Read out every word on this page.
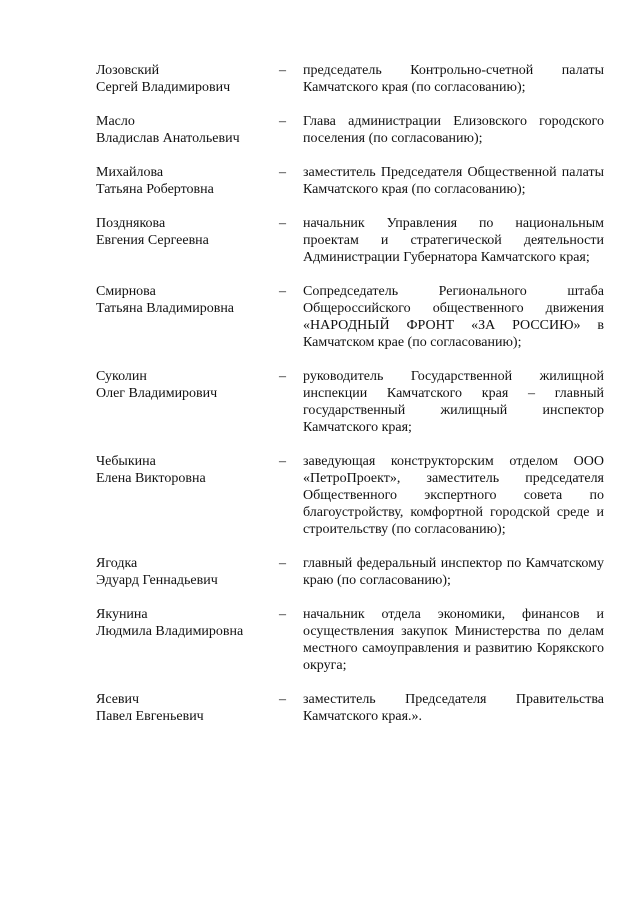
Лозовский
Сергей Владимирович
–	председатель Контрольно-счетной палаты Камчатского края (по согласованию);
Масло
Владислав Анатольевич
–	Глава администрации Елизовского городского поселения (по согласованию);
Михайлова
Татьяна Робертовна
–	заместитель Председателя Общественной палаты Камчатского края (по согласованию);
Позднякова
Евгения Сергеевна
–	начальник Управления по национальным проектам и стратегической деятельности Администрации Губернатора Камчатского края;
Смирнова
Татьяна Владимировна
–	Сопредседатель Регионального штаба Общероссийского общественного движения «НАРОДНЫЙ ФРОНТ «ЗА РОССИЮ» в Камчатском крае (по согласованию);
Суколин
Олег Владимирович
–	руководитель Государственной жилищной инспекции Камчатского края – главный государственный жилищный инспектор Камчатского края;
Чебыкина
Елена Викторовна
–	заведующая конструкторским отделом ООО «ПетроПроект», заместитель председателя Общественного экспертного совета по благоустройству, комфортной городской среде и строительству (по согласованию);
Ягодка
Эдуард Геннадьевич
–	главный федеральный инспектор по Камчатскому краю (по согласованию);
Якунина
Людмила Владимировна
–	начальник отдела экономики, финансов и осуществления закупок Министерства по делам местного самоуправления и развитию Корякского округа;
Ясевич
Павел Евгеньевич
–	заместитель Председателя Правительства Камчатского края.».
